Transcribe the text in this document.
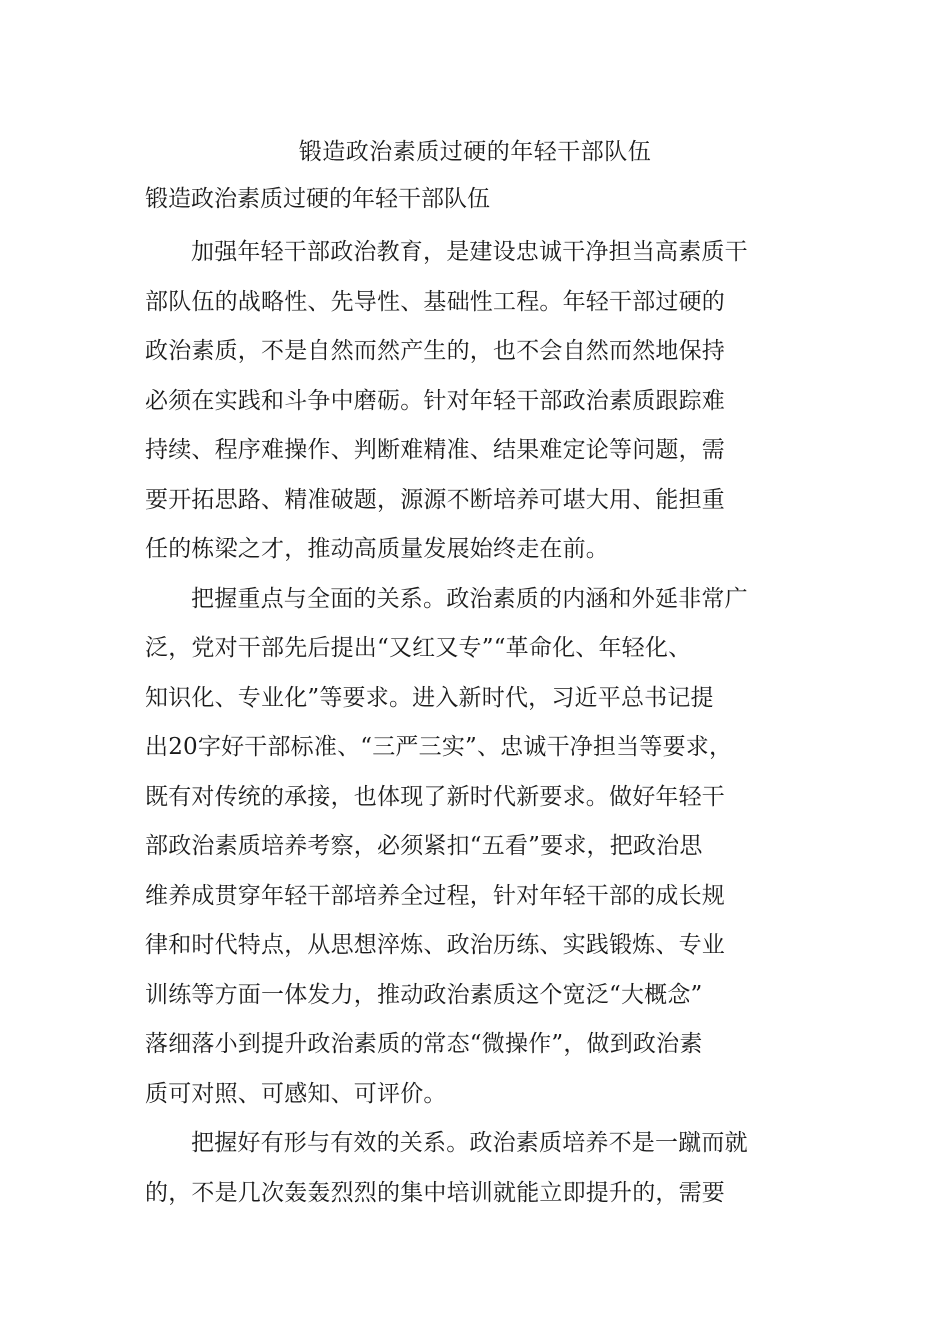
锻造政治素质过硬的年轻干部队伍
锻造政治素质过硬的年轻干部队伍
加强年轻干部政治教育，是建设忠诚干净担当高素质干
部队伍的战略性、先导性、基础性工程。年轻干部过硬的
政治素质，不是自然而然产生的，也不会自然而然地保持
必须在实践和斗争中磨砺。针对年轻干部政治素质跟踪难
持续、程序难操作、判断难精准、结果难定论等问题，需
要开拓思路、精准破题，源源不断培养可堪大用、能担重
任的栋梁之才，推动高质量发展始终走在前。
把握重点与全面的关系。政治素质的内涵和外延非常广
泛，党对干部先后提出“又红又专”“革命化、年轻化、
知识化、专业化”等要求。进入新时代，习近平总书记提
出20字好干部标准、“三严三实”、忠诚干净担当等要求，
既有对传统的承接，也体现了新时代新要求。做好年轻干
部政治素质培养考察，必须紧扣“五看”要求，把政治思
维养成贯穿年轻干部培养全过程，针对年轻干部的成长规
律和时代特点，从思想淬炼、政治历练、实践锻炼、专业
训练等方面一体发力，推动政治素质这个宽泛“大概念”
落细落小到提升政治素质的常态“微操作”，做到政治素
质可对照、可感知、可评价。
把握好有形与有效的关系。政治素质培养不是一蹴而就
的，不是几次轰轰烈烈的集中培训就能立即提升的，需要
